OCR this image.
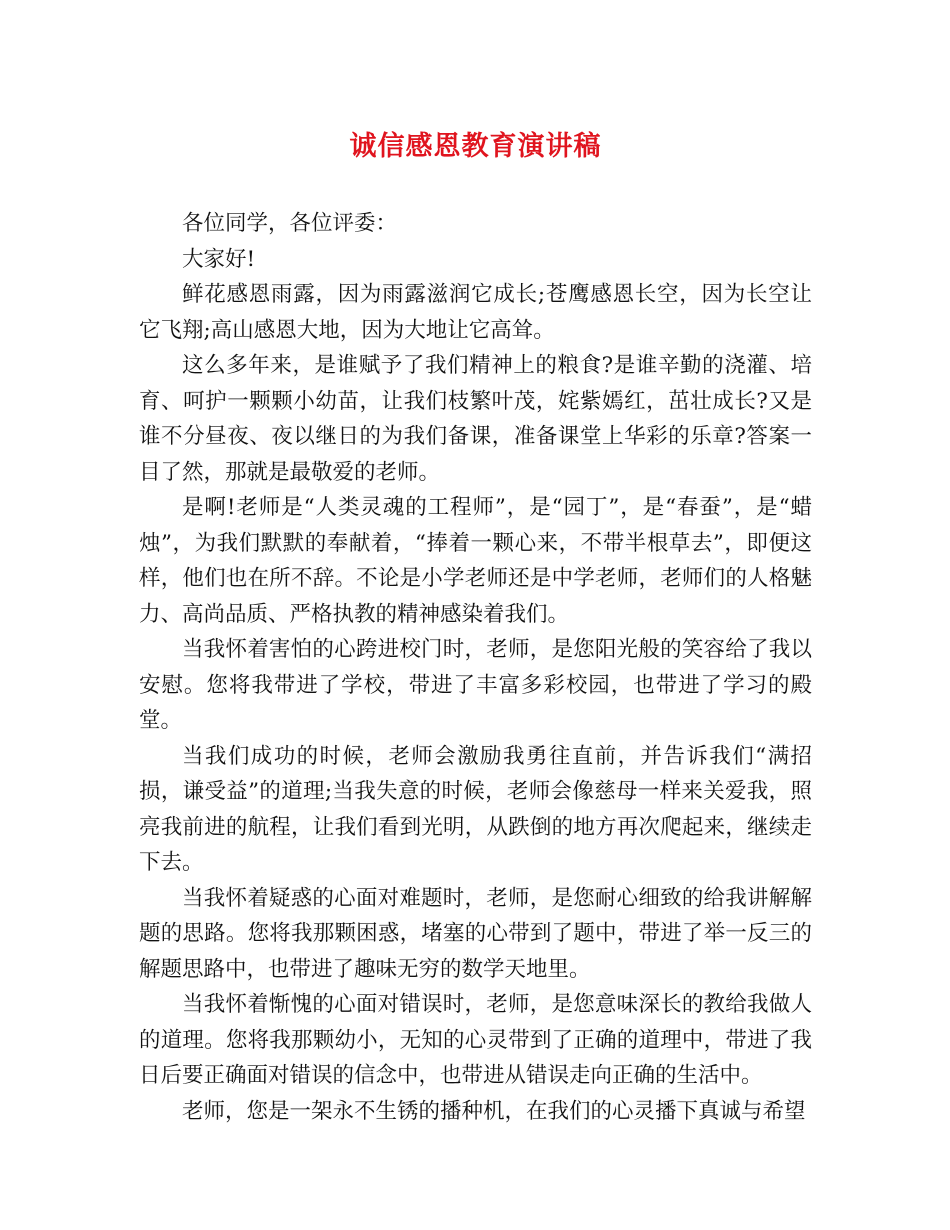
诚信感恩教育演讲稿

各位同学，各位评委：

大家好!

鲜花感恩雨露，因为雨露滋润它成长;苍鹰感恩长空，因为长空让它飞翔;高山感恩大地，因为大地让它高耸。

这么多年来，是谁赋予了我们精神上的粮食?是谁辛勤的浇灌、培育、呵护一颗颗小幼苗，让我们枝繁叶茂，姹紫嫣红，茁壮成长?又是谁不分昼夜、夜以继日的为我们备课，准备课堂上华彩的乐章?答案一目了然，那就是最敬爱的老师。

是啊!老师是“人类灵魂的工程师”，是“园丁”，是“春蚕”，是“蜡烛”，为我们默默的奉献着，“捧着一颗心来，不带半根草去”，即便这样，他们也在所不辞。不论是小学老师还是中学老师，老师们的人格魅力、高尚品质、严格执教的精神感染着我们。

当我怀着害怕的心跨进校门时，老师，是您阳光般的笑容给了我以安慰。您将我带进了学校，带进了丰富多彩校园，也带进了学习的殿堂。

当我们成功的时候，老师会激励我勇往直前，并告诉我们“满招损，谦受益”的道理;当我失意的时候，老师会像慈母一样来关爱我，照亮我前进的航程，让我们看到光明，从跌倒的地方再次爬起来，继续走下去。

当我怀着疑惑的心面对难题时，老师，是您耐心细致的给我讲解解题的思路。您将我那颗困惑，堵塞的心带到了题中，带进了举一反三的解题思路中，也带进了趣味无穷的数学天地里。

当我怀着惭愧的心面对错误时，老师，是您意味深长的教给我做人的道理。您将我那颗幼小，无知的心灵带到了正确的道理中，带进了我日后要正确面对错误的信念中，也带进从错误走向正确的生活中。

老师，您是一架永不生锈的播种机，在我们的心灵播下真诚与希望
